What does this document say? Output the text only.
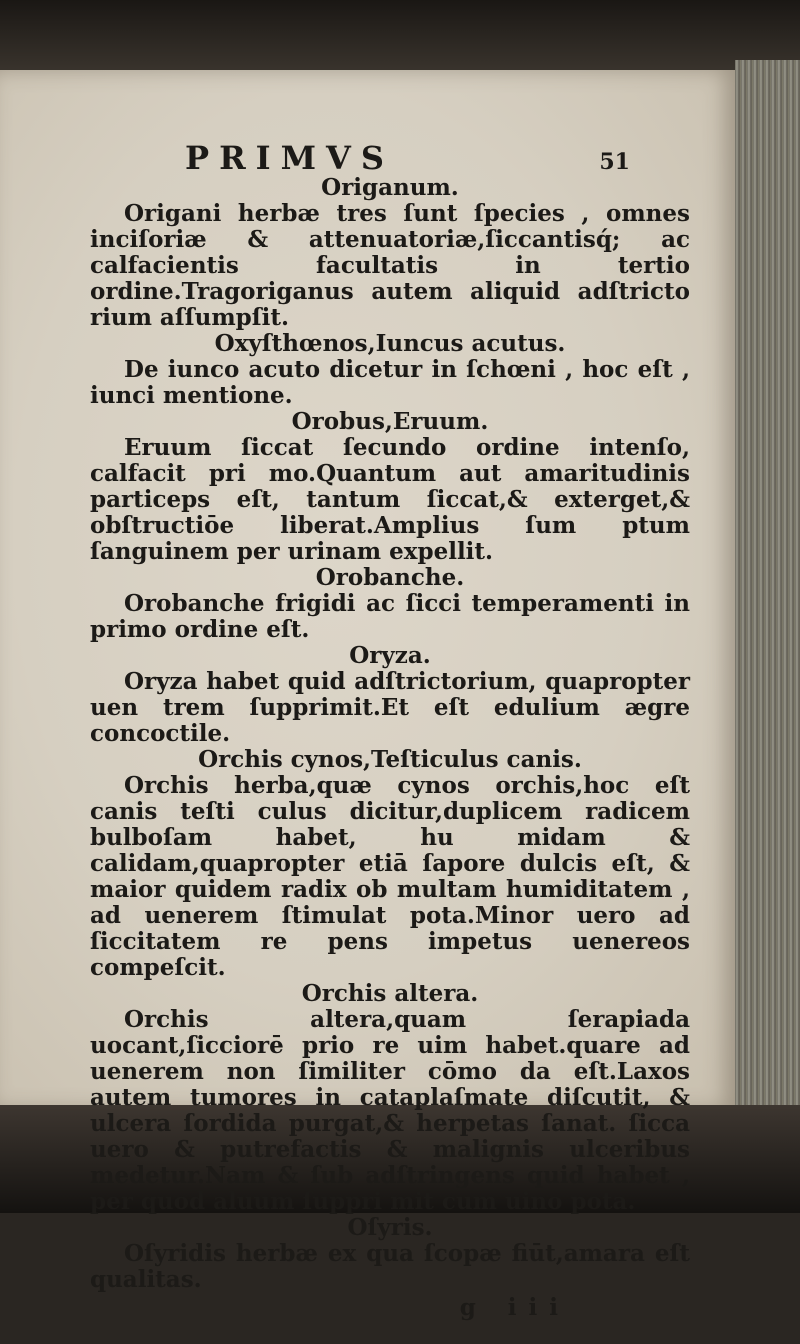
PRIMVS	51

Origanum.

Origani herbæ tres ſunt ſpecies , omnes inciſoriæ & attenuatoriæ,ſiccantisq́; ac calfacientis facultatis in tertio ordine.Tragoriganus autem aliquid adſtricto rium aſſumpſit.

Oxyſthœnos,Iuncus acutus.

De iunco acuto dicetur in ſchœni , hoc eſt , iunci mentione.

Orobus,Eruum.

Eruum ſiccat ſecundo ordine intenſo, calfacit pri mo.Quantum aut amaritudinis particeps eſt, tantum ſiccat,& exterget,& obſtructiōe liberat.Amplius ſum ptum ſanguinem per urinam expellit.

Orobanche.

Orobanche frigidi ac ſicci temperamenti in primo ordine eſt.

Oryza.

Oryza habet quid adſtrictorium, quapropter uen trem ſupprimit.Et eſt edulium ægre concoctile.

Orchis cynos,Teſticulus canis.

Orchis herba,quæ cynos orchis,hoc eſt canis teſti culus dicitur,duplicem radicem bulboſam habet, hu midam & calidam,quapropter etiā ſapore dulcis eſt, & maior quidem radix ob multam humiditatem , ad uenerem ſtimulat pota.Minor uero ad ſiccitatem re pens impetus uenereos compeſcit.

Orchis altera.

Orchis altera,quam ſerapiada uocant,ſicciorē prio re uim habet.quare ad uenerem non ſimiliter cōmo da eſt.Laxos autem tumores in cataplaſmate diſcutit, & ulcera ſordida purgat,& herpetas ſanat. ſicca uero & putrefactis & malignis ulceribus medetur.Nam & ſub adſtringens quid habet , per quod aluum ſuppri mit cum uino pota.

Oſyris.

Oſyridis herbæ ex qua ſcopæ fiūt,amara eſt qualitas.

g iii
